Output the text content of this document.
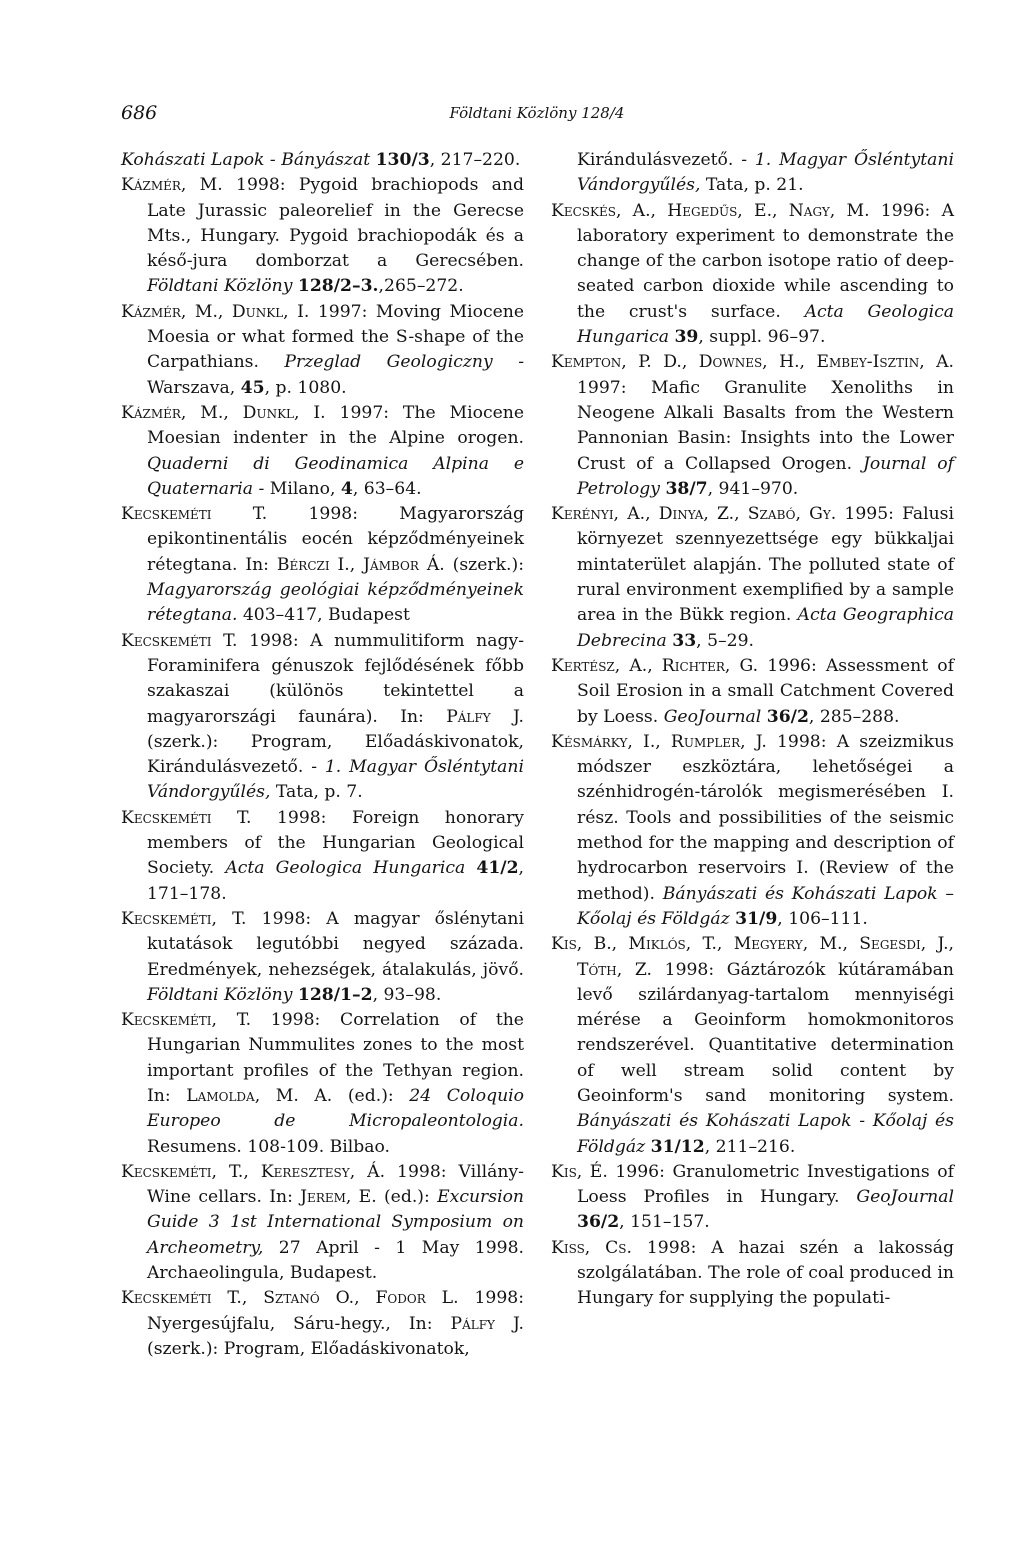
686	Földtani Közlöny 128/4

Kohászati Lapok - Bányászat 130/3, 217–220.

Kázmér, M. 1998: Pygoid brachiopods and Late Jurassic paleorelief in the Gerecse Mts., Hungary. Pygoid brachiopodák és a késő-jura domborzat a Gerecsében. Földtani Közlöny 128/2–3.,265–272.

Kázmér, M., Dunkl, I. 1997: Moving Miocene Moesia or what formed the S-shape of the Carpathians. Przeglad Geologiczny - Warszava, 45, p. 1080.

Kázmér, M., Dunkl, I. 1997: The Miocene Moesian indenter in the Alpine orogen. Quaderni di Geodinamica Alpina e Quaternaria - Milano, 4, 63–64.

Kecskeméti T. 1998: Magyarország epikontinentális eocén képződményeinek rétegtana. In: Bérczi I., Jámbor Á. (szerk.): Magyarország geológiai képződményeinek rétegtana. 403–417, Budapest

Kecskeméti T. 1998: A nummulitiform nagy-Foraminifera génuszok fejlődésének főbb szakaszai (különös tekintettel a magyarországi faunára). In: Pálfy J. (szerk.): Program, Előadáskivonatok, Kirándulásvezető. - 1. Magyar Ősléntytani Vándorgyűlés, Tata, p. 7.

Kecskeméti T. 1998: Foreign honorary members of the Hungarian Geological Society. Acta Geologica Hungarica 41/2, 171–178.

Kecskeméti, T. 1998: A magyar őslénytani kutatások legutóbbi negyed százada. Eredmények, nehezségek, átalakulás, jövő. Földtani Közlöny 128/1–2, 93–98.

Kecskeméti, T. 1998: Correlation of the Hungarian Nummulites zones to the most important profiles of the Tethyan region. In: Lamolda, M. A. (ed.): 24 Coloquio Europeo de Micropaleontologia. Resumens. 108-109. Bilbao.

Kecskeméti, T., Keresztesy, Á. 1998: Villány-Wine cellars. In: Jerem, E. (ed.): Excursion Guide 3 1st International Symposium on Archeometry, 27 April - 1 May 1998. Archaeolingula, Budapest.

Kecskeméti T., Sztanó O., Fodor L. 1998: Nyergesújfalu, Sáru-hegy., In: Pálfy J. (szerk.): Program, Előadáskivonatok,

Kirándulásvezető. - 1. Magyar Ősléntytani Vándorgyűlés, Tata, p. 21.

Kecskés, A., Hegedűs, E., Nagy, M. 1996: A laboratory experiment to demonstrate the change of the carbon isotope ratio of deep-seated carbon dioxide while ascending to the crust's surface. Acta Geologica Hungarica 39, suppl. 96–97.

Kempton, P. D., Downes, H., Embey-Isztin, A. 1997: Mafic Granulite Xenoliths in Neogene Alkali Basalts from the Western Pannonian Basin: Insights into the Lower Crust of a Collapsed Orogen. Journal of Petrology 38/7, 941–970.

Kerényi, A., Dinya, Z., Szabó, Gy. 1995: Falusi környezet szennyezettsége egy bükkaljai mintaterület alapján. The polluted state of rural environment exemplified by a sample area in the Bükk region. Acta Geographica Debrecina 33, 5–29.

Kertész, A., Richter, G. 1996: Assessment of Soil Erosion in a small Catchment Covered by Loess. GeoJournal 36/2, 285–288.

Késmárky, I., Rumpler, J. 1998: A szeizmikus módszer eszköztára, lehetőségei a szénhidrogén-tárolók megismerésében I. rész. Tools and possibilities of the seismic method for the mapping and description of hydrocarbon reservoirs I. (Review of the method). Bányászati és Kohászati Lapok – Kőolaj és Földgáz 31/9, 106–111.

Kis, B., Miklós, T., Megyery, M., Segesdi, J., Tóth, Z. 1998: Gáztározók kútáramában levő szilárdanyag-tartalom mennyiségi mérése a Geoinform homokmonitoros rendszerével. Quantitative determination of well stream solid content by Geoinform's sand monitoring system. Bányászati és Kohászati Lapok - Kőolaj és Földgáz 31/12, 211–216.

Kis, É. 1996: Granulometric Investigations of Loess Profiles in Hungary. GeoJournal 36/2, 151–157.

Kiss, Cs. 1998: A hazai szén a lakosság szolgálatában. The role of coal produced in Hungary for supplying the populati-
